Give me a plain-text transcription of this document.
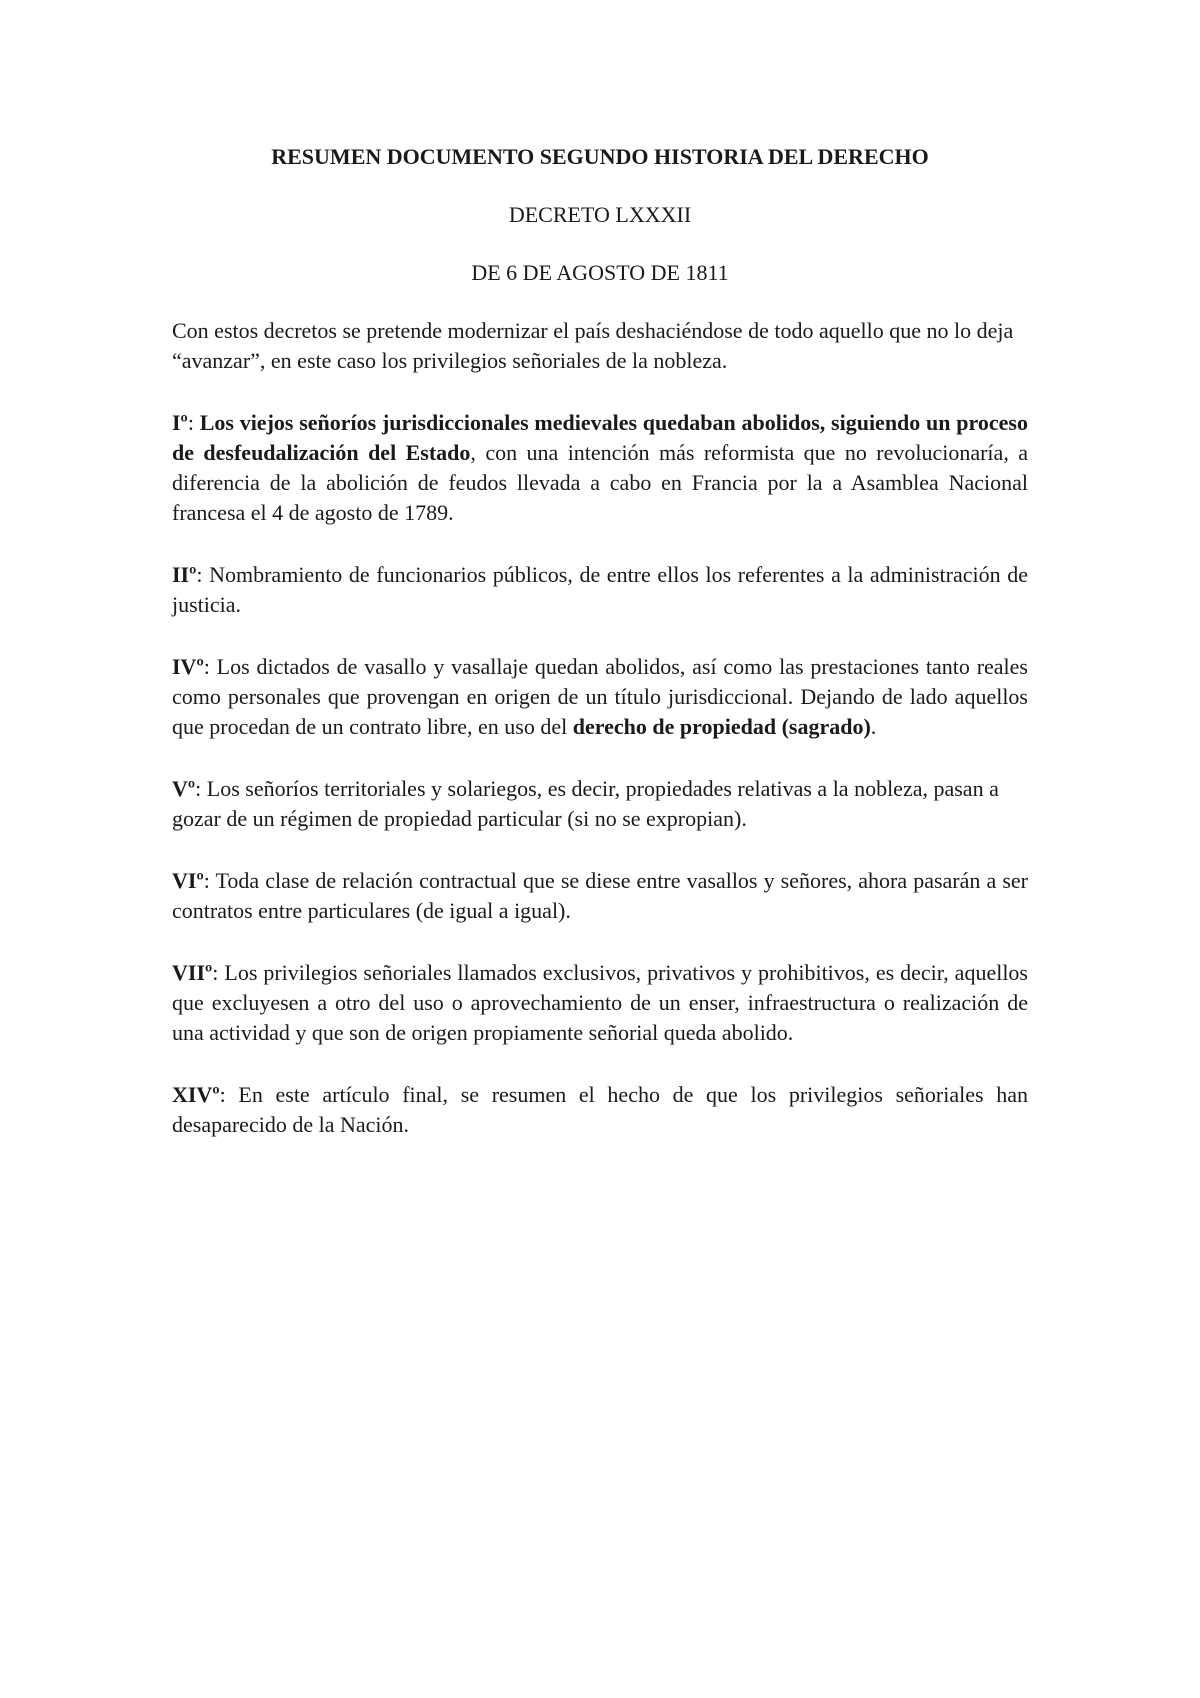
RESUMEN DOCUMENTO SEGUNDO HISTORIA DEL DERECHO

DECRETO LXXXII

DE 6 DE AGOSTO DE 1811

Con estos decretos se pretende modernizar el país deshaciéndose de todo aquello que no lo deja “avanzar”, en este caso los privilegios señoriales de la nobleza.

Iº: Los viejos señoríos jurisdiccionales medievales quedaban abolidos, siguiendo un proceso de desfeudalización del Estado, con una intención más reformista que no revolucionaría, a diferencia de la abolición de feudos llevada a cabo en Francia por la a Asamblea Nacional francesa el 4 de agosto de 1789.

IIº: Nombramiento de funcionarios públicos, de entre ellos los referentes a la administración de justicia.

IVº: Los dictados de vasallo y vasallaje quedan abolidos, así como las prestaciones tanto reales como personales que provengan en origen de un título jurisdiccional. Dejando de lado aquellos que procedan de un contrato libre, en uso del derecho de propiedad (sagrado).

Vº: Los señoríos territoriales y solariegos, es decir, propiedades relativas a la nobleza, pasan a gozar de un régimen de propiedad particular (si no se expropian).

VIº: Toda clase de relación contractual que se diese entre vasallos y señores, ahora pasarán a ser contratos entre particulares (de igual a igual).

VIIº: Los privilegios señoriales llamados exclusivos, privativos y prohibitivos, es decir, aquellos que excluyesen a otro del uso o aprovechamiento de un enser, infraestructura o realización de una actividad y que son de origen propiamente señorial queda abolido.

XIVº: En este artículo final, se resumen el hecho de que los privilegios señoriales han desaparecido de la Nación.
